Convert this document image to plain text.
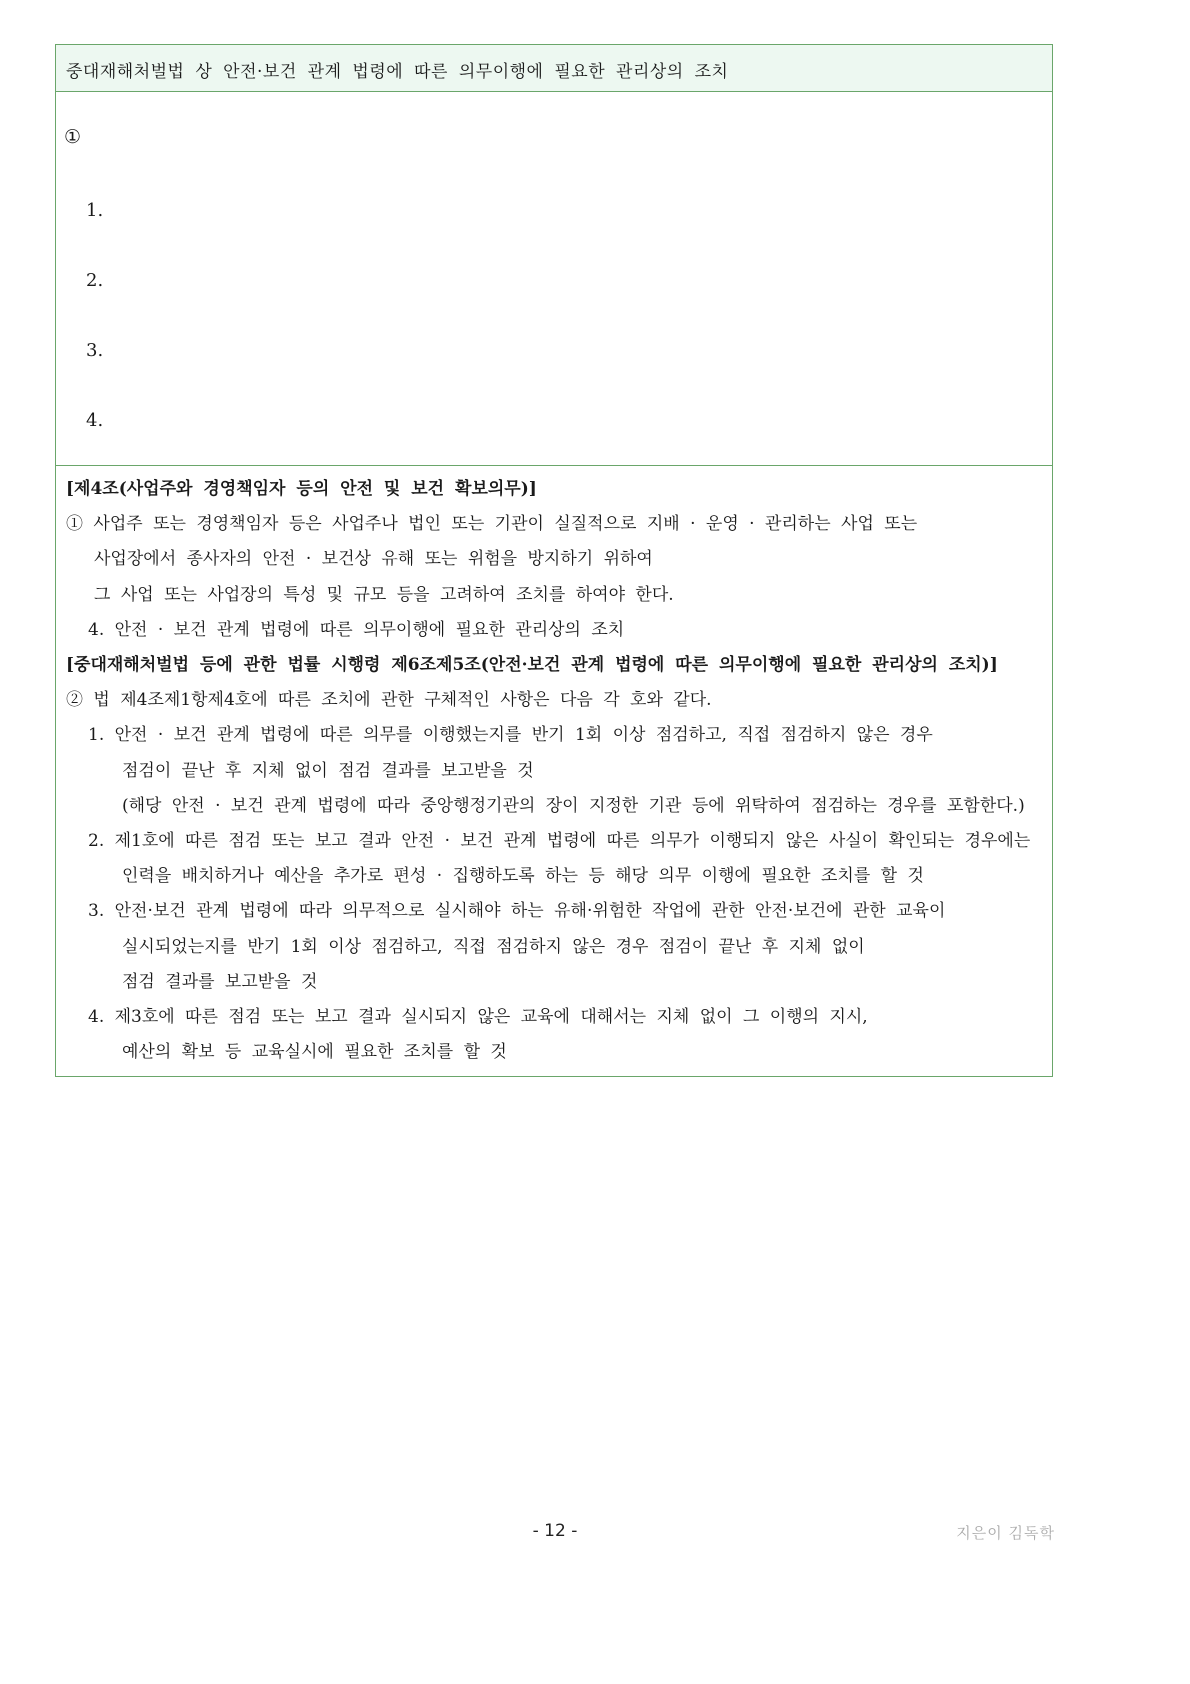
중대재해처벌법 상 안전·보건 관계 법령에 따른 의무이행에 필요한 관리상의 조치
①
1.
2.
3.
4.
[제4조(사업주와 경영책임자 등의 안전 및 보건 확보의무)]
① 사업주 또는 경영책임자 등은 사업주나 법인 또는 기관이 실질적으로 지배 · 운영 · 관리하는 사업 또는
사업장에서 종사자의 안전 · 보건상 유해 또는 위험을 방지하기 위하여
그 사업 또는 사업장의 특성 및 규모 등을 고려하여 조치를 하여야 한다.
4. 안전 · 보건 관계 법령에 따른 의무이행에 필요한 관리상의 조치
[중대재해처벌법 등에 관한 법률 시행령 제6조제5조(안전·보건 관계 법령에 따른 의무이행에 필요한 관리상의 조치)]
② 법 제4조제1항제4호에 따른 조치에 관한 구체적인 사항은 다음 각 호와 같다.
1. 안전 · 보건 관계 법령에 따른 의무를 이행했는지를 반기 1회 이상 점검하고, 직접 점검하지 않은 경우
점검이 끝난 후 지체 없이 점검 결과를 보고받을 것
(해당 안전 · 보건 관계 법령에 따라 중앙행정기관의 장이 지정한 기관 등에 위탁하여 점검하는 경우를 포함한다.)
2. 제1호에 따른 점검 또는 보고 결과 안전 · 보건 관계 법령에 따른 의무가 이행되지 않은 사실이 확인되는 경우에는
인력을 배치하거나 예산을 추가로 편성 · 집행하도록 하는 등 해당 의무 이행에 필요한 조치를 할 것
3. 안전·보건 관계 법령에 따라 의무적으로 실시해야 하는 유해·위험한 작업에 관한 안전·보건에 관한 교육이
실시되었는지를 반기 1회 이상 점검하고, 직접 점검하지 않은 경우 점검이 끝난 후 지체 없이
점검 결과를 보고받을 것
4. 제3호에 따른 점검 또는 보고 결과 실시되지 않은 교육에 대해서는 지체 없이 그 이행의 지시,
예산의 확보 등 교육실시에 필요한 조치를 할 것
- 12 -	지은이 김독학
